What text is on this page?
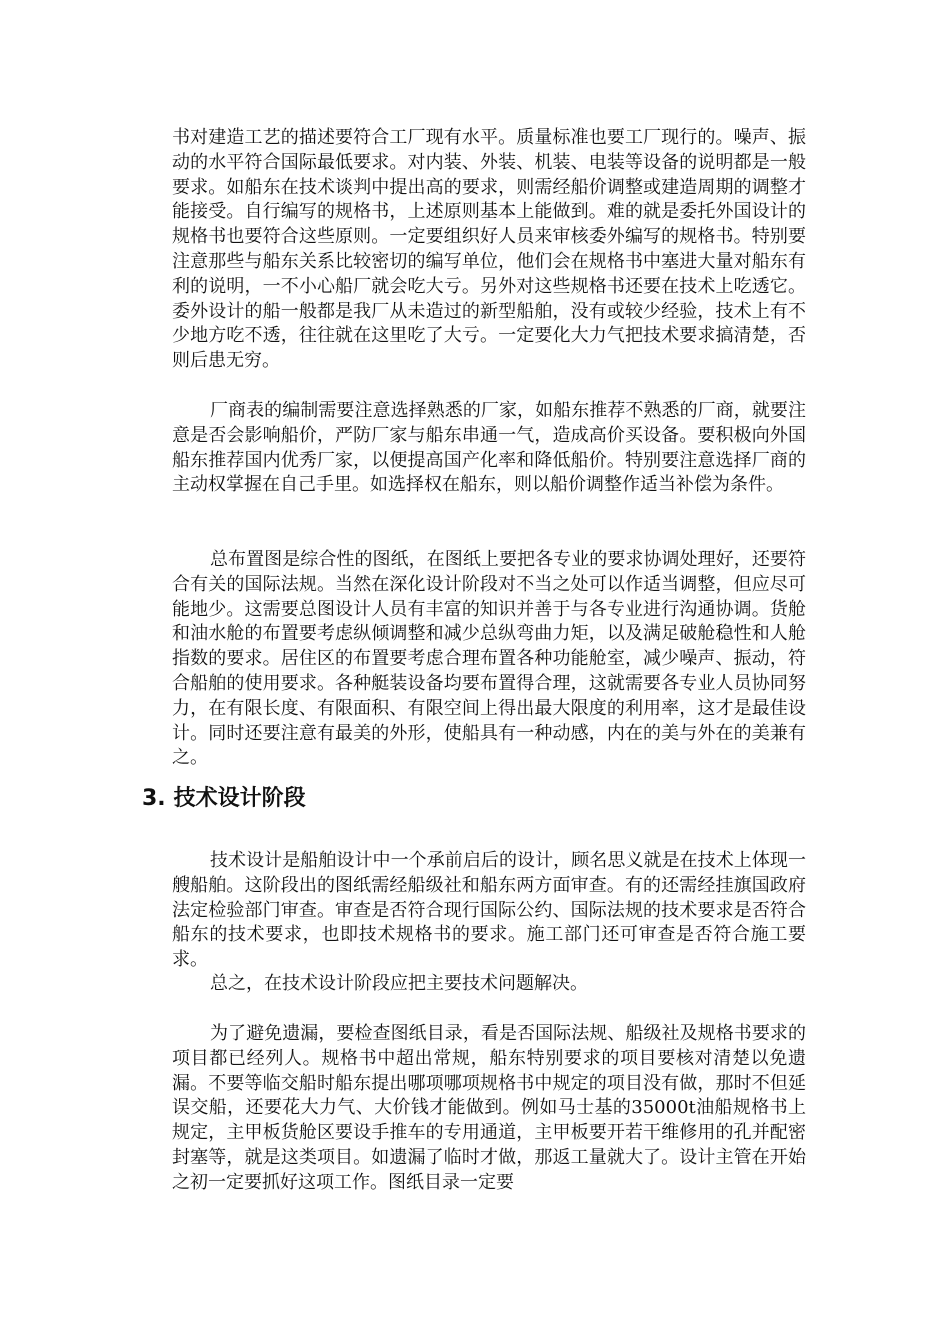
书对建造工艺的描述要符合工厂现有水平。质量标准也要工厂现行的。噪声、振动的水平符合国际最低要求。对内装、外装、机装、电装等设备的说明都是一般要求。如船东在技术谈判中提出高的要求，则需经船价调整或建造周期的调整才能接受。自行编写的规格书，上述原则基本上能做到。难的就是委托外国设计的规格书也要符合这些原则。一定要组织好人员来审核委外编写的规格书。特别要注意那些与船东关系比较密切的编写单位，他们会在规格书中塞进大量对船东有利的说明，一不小心船厂就会吃大亏。另外对这些规格书还要在技术上吃透它。委外设计的船一般都是我厂从未造过的新型船舶，没有或较少经验，技术上有不少地方吃不透，往往就在这里吃了大亏。一定要化大力气把技术要求搞清楚，否则后患无穷。

厂商表的编制需要注意选择熟悉的厂家，如船东推荐不熟悉的厂商，就要注意是否会影响船价，严防厂家与船东串通一气，造成高价买设备。要积极向外国船东推荐国内优秀厂家，以便提高国产化率和降低船价。特别要注意选择厂商的主动权掌握在自己手里。如选择权在船东，则以船价调整作适当补偿为条件。

总布置图是综合性的图纸，在图纸上要把各专业的要求协调处理好，还要符合有关的国际法规。当然在深化设计阶段对不当之处可以作适当调整，但应尽可能地少。这需要总图设计人员有丰富的知识并善于与各专业进行沟通协调。货舱和油水舱的布置要考虑纵倾调整和减少总纵弯曲力矩，以及满足破舱稳性和人舱指数的要求。居住区的布置要考虑合理布置各种功能舱室，减少噪声、振动，符合船舶的使用要求。各种艇装设备均要布置得合理，这就需要各专业人员协同努力，在有限长度、有限面积、有限空间上得出最大限度的利用率，这才是最佳设计。同时还要注意有最美的外形，使船具有一种动感，内在的美与外在的美兼有之。

3. 技术设计阶段

技术设计是船舶设计中一个承前启后的设计，顾名思义就是在技术上体现一艘船舶。这阶段出的图纸需经船级社和船东两方面审查。有的还需经挂旗国政府法定检验部门审查。审查是否符合现行国际公约、国际法规的技术要求是否符合船东的技术要求，也即技术规格书的要求。施工部门还可审查是否符合施工要求。

总之，在技术设计阶段应把主要技术问题解决。

为了避免遗漏，要检查图纸目录，看是否国际法规、船级社及规格书要求的项目都已经列人。规格书中超出常规，船东特别要求的项目要核对清楚以免遗漏。不要等临交船时船东提出哪项哪项规格书中规定的项目没有做，那时不但延误交船，还要花大力气、大价钱才能做到。例如马士基的35000t油船规格书上规定，主甲板货舱区要设手推车的专用通道，主甲板要开若干维修用的孔并配密封塞等，就是这类项目。如遗漏了临时才做，那返工量就大了。设计主管在开始之初一定要抓好这项工作。图纸目录一定要
